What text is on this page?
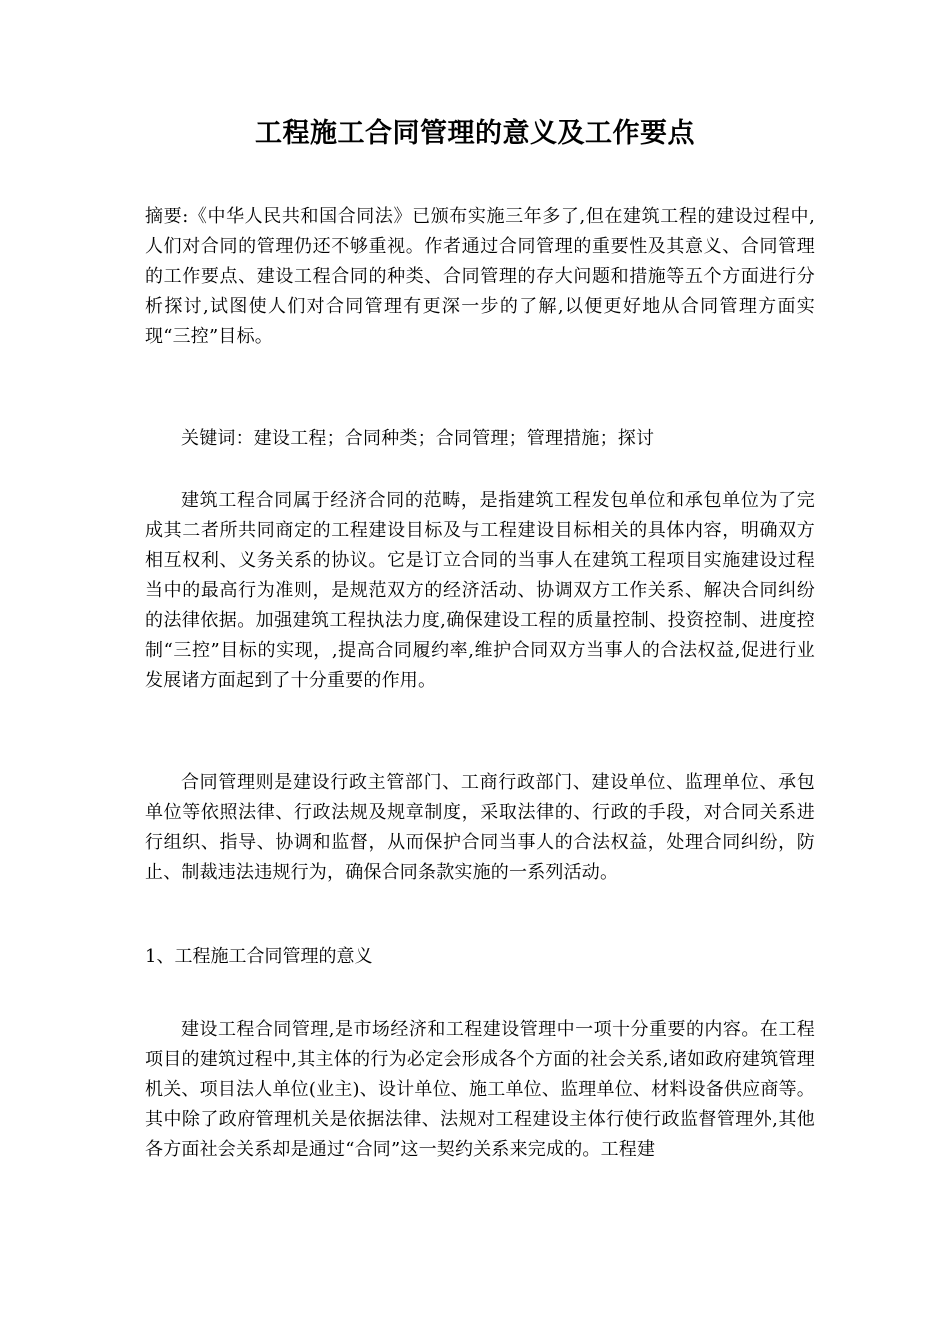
工程施工合同管理的意义及工作要点

摘要:《中华人民共和国合同法》已颁布实施三年多了,但在建筑工程的建设过程中,人们对合同的管理仍还不够重视。作者通过合同管理的重要性及其意义、合同管理的工作要点、建设工程合同的种类、合同管理的存大问题和措施等五个方面进行分析探讨,试图使人们对合同管理有更深一步的了解,以便更好地从合同管理方面实现“三控”目标。

关键词：建设工程；合同种类；合同管理；管理措施；探讨

建筑工程合同属于经济合同的范畴，是指建筑工程发包单位和承包单位为了完成其二者所共同商定的工程建设目标及与工程建设目标相关的具体内容，明确双方相互权利、义务关系的协议。它是订立合同的当事人在建筑工程项目实施建设过程当中的最高行为准则，是规范双方的经济活动、协调双方工作关系、解决合同纠纷的法律依据。加强建筑工程执法力度,确保建设工程的质量控制、投资控制、进度控制“三控”目标的实现，,提高合同履约率,维护合同双方当事人的合法权益,促进行业发展诸方面起到了十分重要的作用。

合同管理则是建设行政主管部门、工商行政部门、建设单位、监理单位、承包单位等依照法律、行政法规及规章制度，采取法律的、行政的手段，对合同关系进行组织、指导、协调和监督，从而保护合同当事人的合法权益，处理合同纠纷，防止、制裁违法违规行为，确保合同条款实施的一系列活动。

1、工程施工合同管理的意义

建设工程合同管理,是市场经济和工程建设管理中一项十分重要的内容。在工程项目的建筑过程中,其主体的行为必定会形成各个方面的社会关系,诸如政府建筑管理机关、项目法人单位(业主)、设计单位、施工单位、监理单位、材料设备供应商等。其中除了政府管理机关是依据法律、法规对工程建设主体行使行政监督管理外,其他各方面社会关系却是通过“合同”这一契约关系来完成的。工程建
